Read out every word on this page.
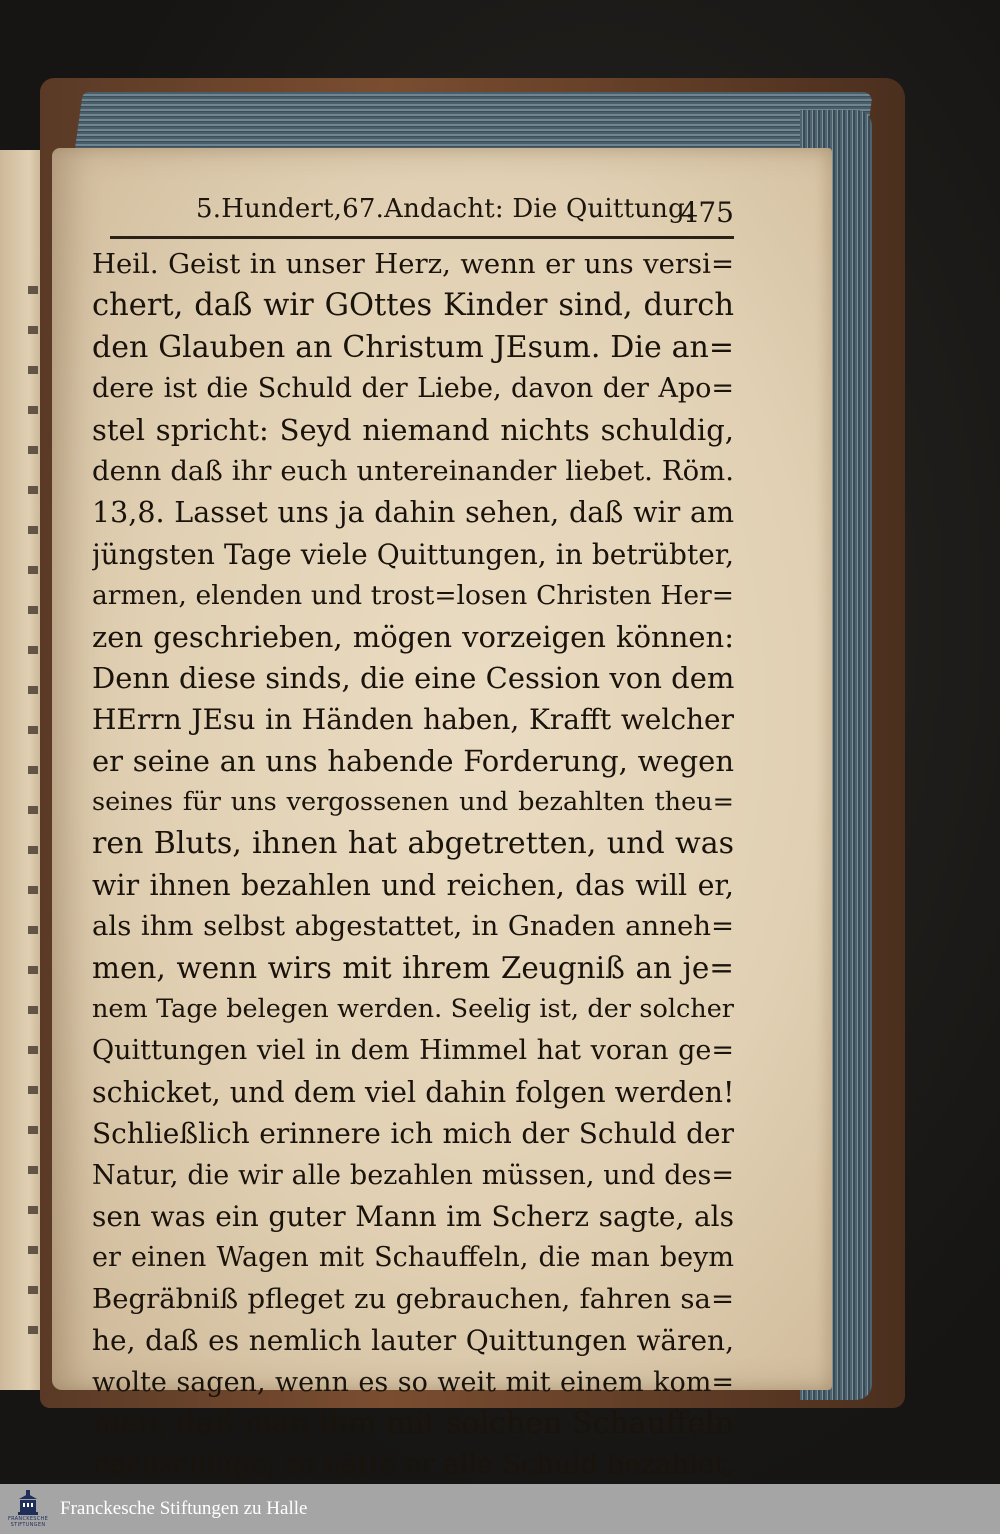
5.Hundert,67.Andacht: Die Quittung.
475
Heil. Geist in unser Herz, wenn er uns versi=
chert, daß wir GOttes Kinder sind, durch
den Glauben an Christum JEsum. Die an=
dere ist die Schuld der Liebe, davon der Apo=
stel spricht: Seyd niemand nichts schuldig,
denn daß ihr euch untereinander liebet. Röm.
13,8. Lasset uns ja dahin sehen, daß wir am
jüngsten Tage viele Quittungen, in betrübter,
armen, elenden und trost=losen Christen Her=
zen geschrieben, mögen vorzeigen können:
Denn diese sinds, die eine Cession von dem
HErrn JEsu in Händen haben, Krafft welcher
er seine an uns habende Forderung, wegen
seines für uns vergossenen und bezahlten theu=
ren Bluts, ihnen hat abgetretten, und was
wir ihnen bezahlen und reichen, das will er,
als ihm selbst abgestattet, in Gnaden anneh=
men, wenn wirs mit ihrem Zeugniß an je=
nem Tage belegen werden. Seelig ist, der solcher
Quittungen viel in dem Himmel hat voran ge=
schicket, und dem viel dahin folgen werden!
Schließlich erinnere ich mich der Schuld der
Natur, die wir alle bezahlen müssen, und des=
sen was ein guter Mann im Scherz sagte, als
er einen Wagen mit Schauffeln, die man beym
Begräbniß pfleget zu gebrauchen, fahren sa=
he, daß es nemlich lauter Quittungen wären,
wolte sagen, wenn es so weit mit einem kom=
men, daß man ihm mit solchen Schauffeln
nachschlüge, so hätte er alle Schuld bezahlet,
FRANCKESCHE
STIFTUNGEN
Franckesche Stiftungen zu Halle
